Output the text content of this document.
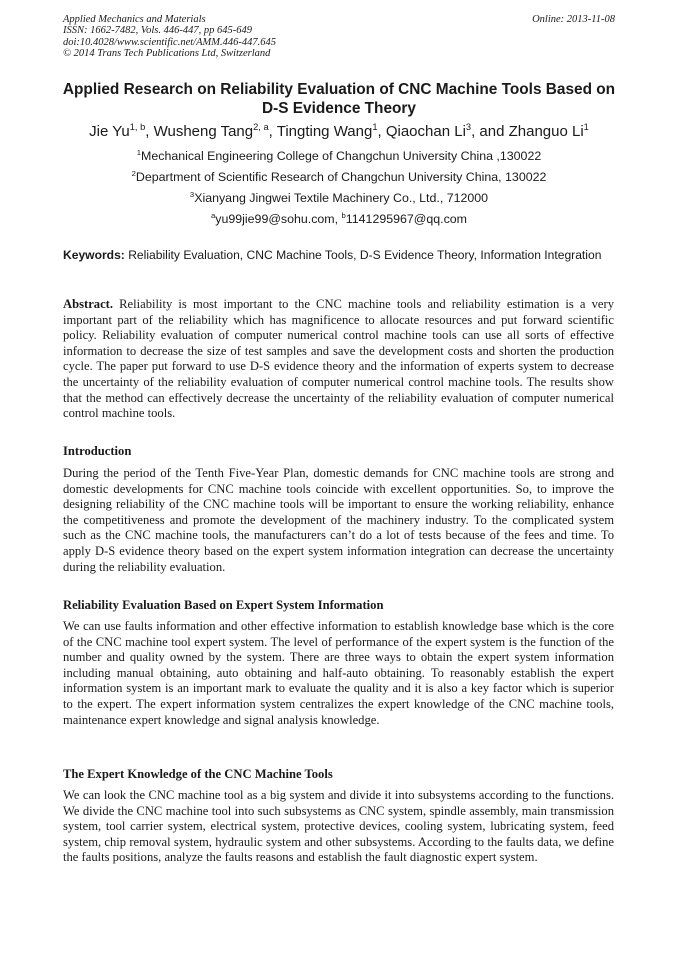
Applied Mechanics and Materials
ISSN: 1662-7482, Vols. 446-447, pp 645-649
doi:10.4028/www.scientific.net/AMM.446-447.645
© 2014 Trans Tech Publications Ltd, Switzerland
Online: 2013-11-08
Applied Research on Reliability Evaluation of CNC Machine Tools Based on D-S Evidence Theory
Jie Yu$^{1, b}$, Wusheng Tang$^{2, a}$, Tingting Wang$^1$, Qiaochan Li$^3$, and Zhanguo Li$^1$
$^1$Mechanical Engineering College of Changchun University China ,130022
$^2$Department of Scientific Research of Changchun University China, 130022
$^3$Xianyang Jingwei Textile Machinery Co., Ltd., 712000
$^a$yu99jie99@sohu.com, $^b$1141295967@qq.com
Keywords: Reliability Evaluation, CNC Machine Tools, D-S Evidence Theory, Information Integration

Abstract. Reliability is most important to the CNC machine tools and reliability estimation is a very important part of the reliability which has magnificence to allocate resources and put forward scientific policy. Reliability evaluation of computer numerical control machine tools can use all sorts of effective information to decrease the size of test samples and save the development costs and shorten the production cycle. The paper put forward to use D-S evidence theory and the information of experts system to decrease the uncertainty of the reliability evaluation of computer numerical control machine tools. The results show that the method can effectively decrease the uncertainty of the reliability evaluation of computer numerical control machine tools.

Introduction

During the period of the Tenth Five-Year Plan, domestic demands for CNC machine tools are strong and domestic developments for CNC machine tools coincide with excellent opportunities. So, to improve the designing reliability of the CNC machine tools will be important to ensure the working reliability, enhance the competitiveness and promote the development of the machinery industry. To the complicated system such as the CNC machine tools, the manufacturers can’t do a lot of tests because of the fees and time. To apply D-S evidence theory based on the expert system information integration can decrease the uncertainty during the reliability evaluation.

Reliability Evaluation Based on Expert System Information

We can use faults information and other effective information to establish knowledge base which is the core of the CNC machine tool expert system. The level of performance of the expert system is the function of the number and quality owned by the system. There are three ways to obtain the expert system information including manual obtaining, auto obtaining and half-auto obtaining. To reasonably establish the expert information system is an important mark to evaluate the quality and it is also a key factor which is superior to the expert. The expert information system centralizes the expert knowledge of the CNC machine tools, maintenance expert knowledge and signal analysis knowledge.

The Expert Knowledge of the CNC Machine Tools

We can look the CNC machine tool as a big system and divide it into subsystems according to the functions. We divide the CNC machine tool into such subsystems as CNC system, spindle assembly, main transmission system, tool carrier system, electrical system, protective devices, cooling system, lubricating system, feed system, chip removal system, hydraulic system and other subsystems. According to the faults data, we define the faults positions, analyze the faults reasons and establish the fault diagnostic expert system.
